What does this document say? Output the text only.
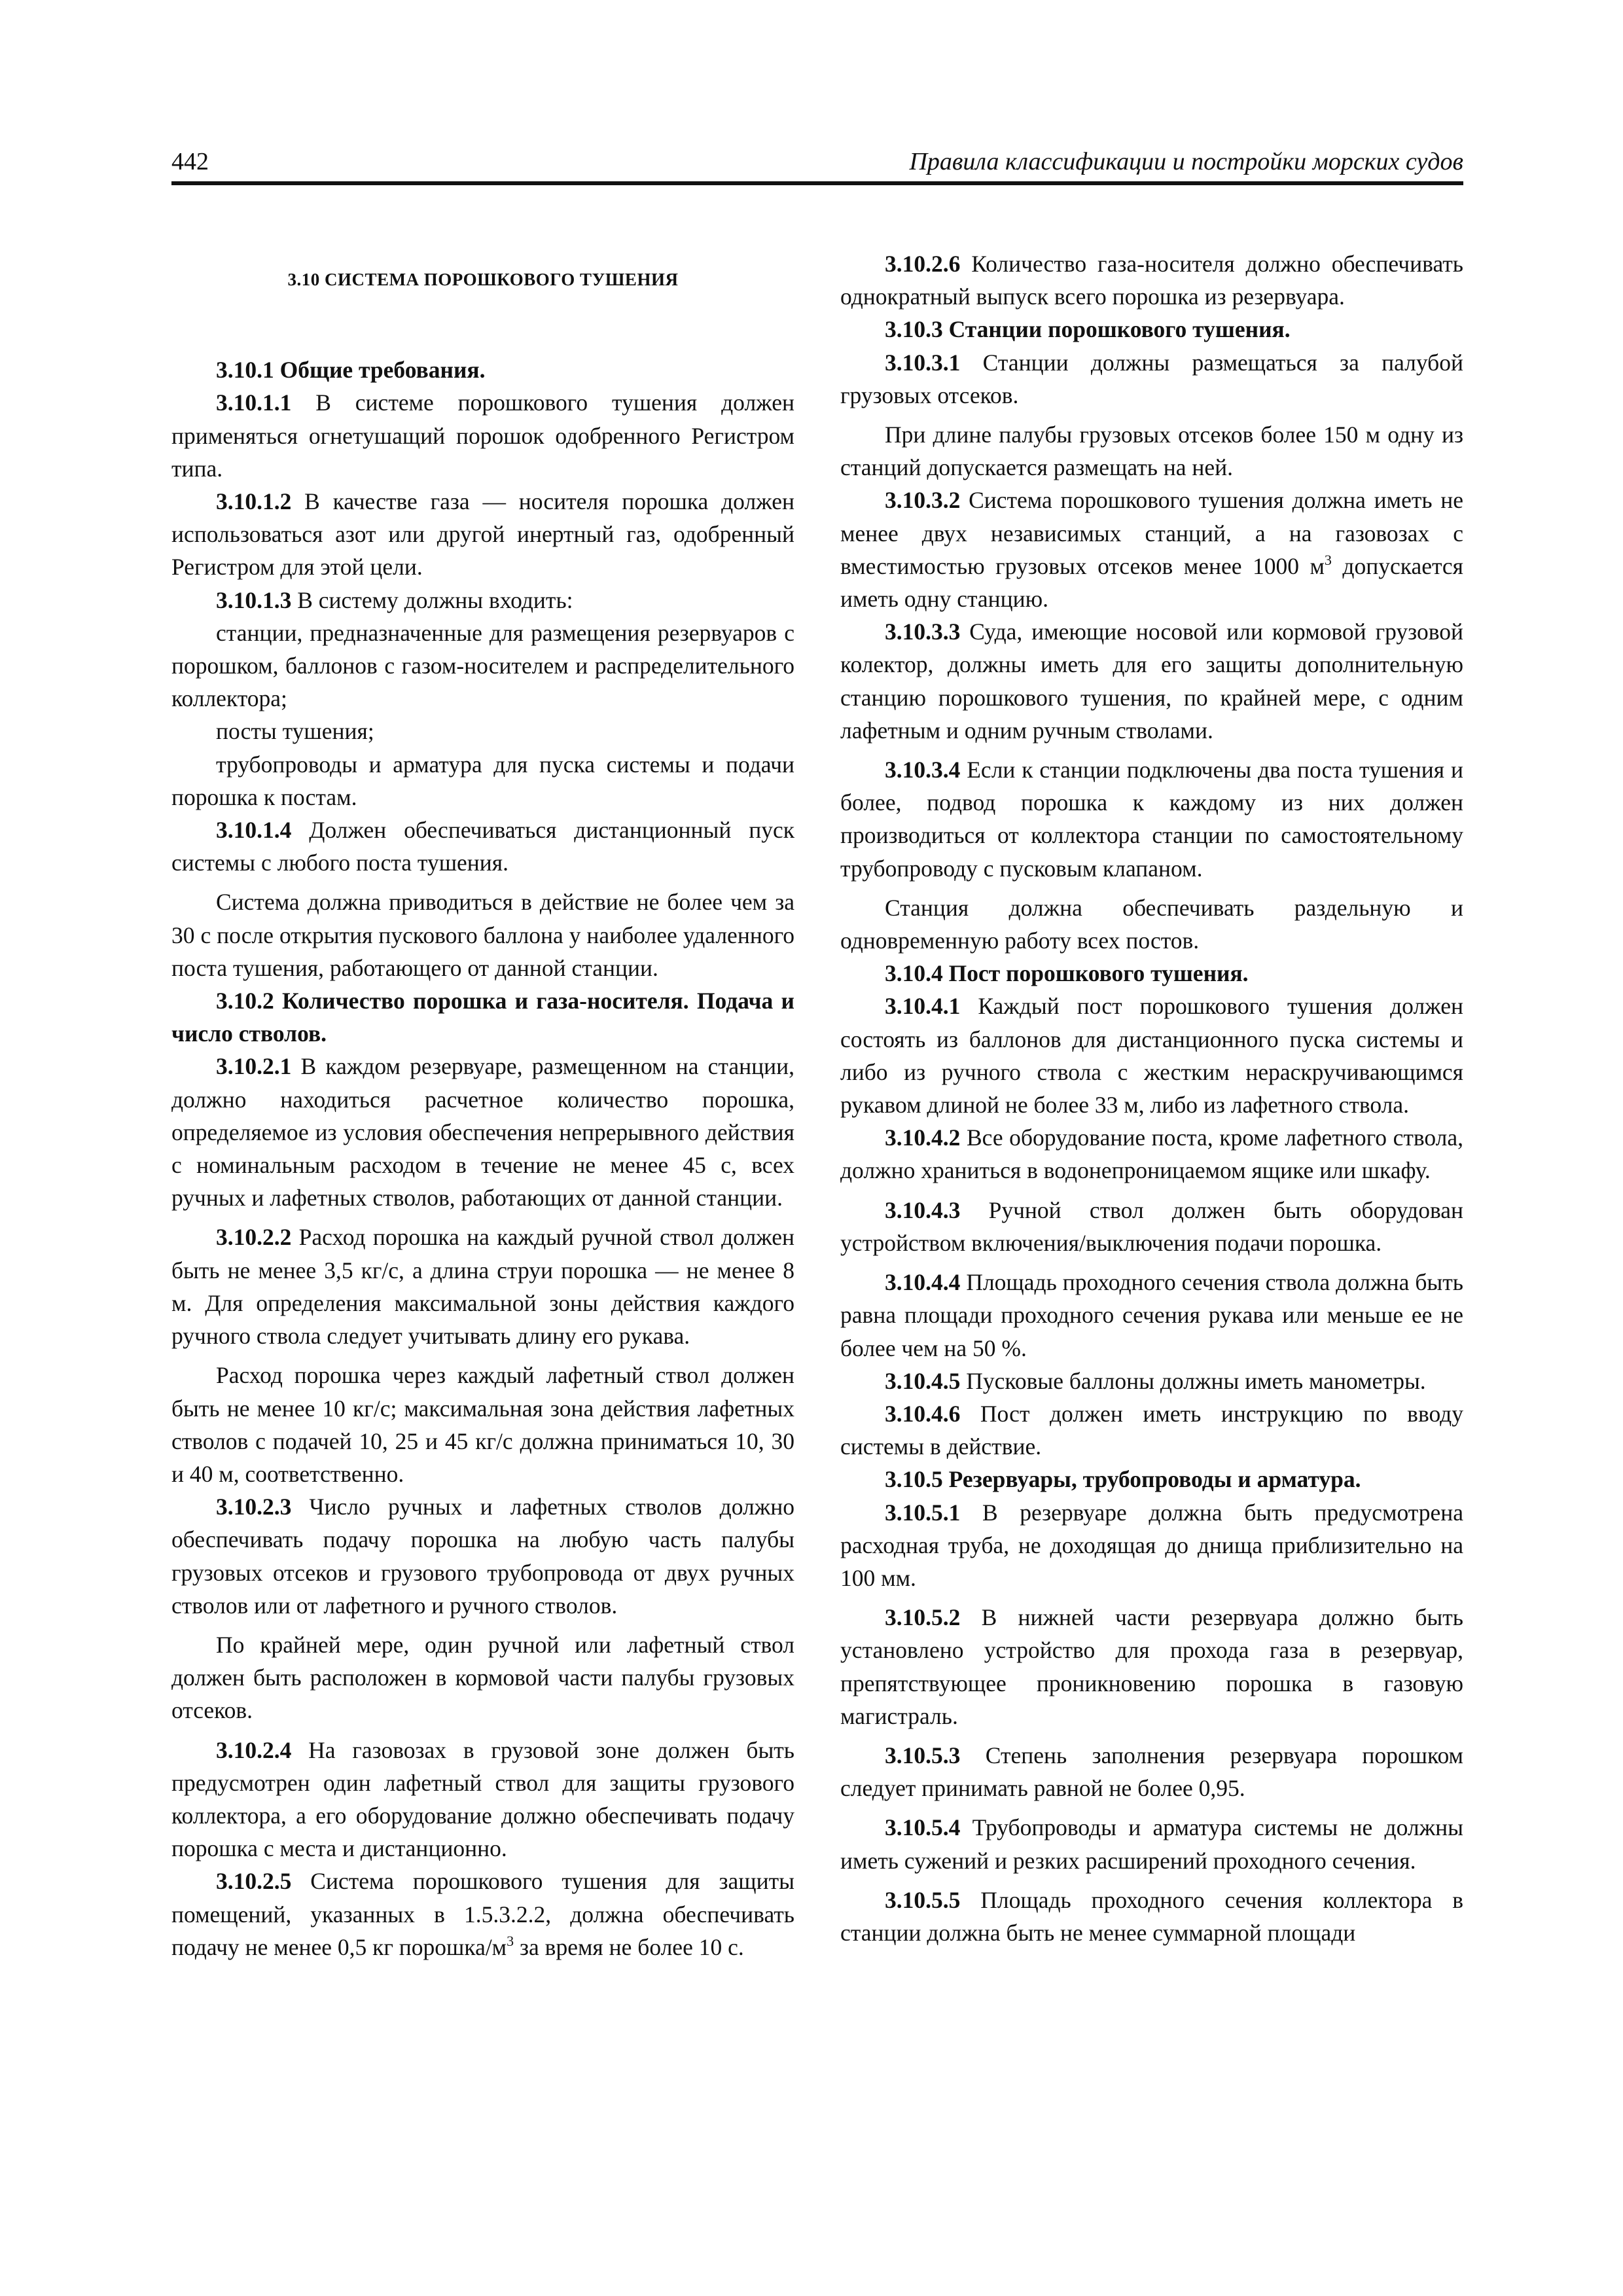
442	Правила классификации и постройки морских судов

3.10 СИСТЕМА ПОРОШКОВОГО ТУШЕНИЯ

3.10.1 Общие требования.

3.10.1.1 В системе порошкового тушения должен применяться огнетушащий порошок одобренного Регистром типа.

3.10.1.2 В качестве газа — носителя порошка должен использоваться азот или другой инертный газ, одобренный Регистром для этой цели.

3.10.1.3 В систему должны входить:

станции, предназначенные для размещения резервуаров с порошком, баллонов с газом-носителем и распределительного коллектора;

посты тушения;

трубопроводы и арматура для пуска системы и подачи порошка к постам.

3.10.1.4 Должен обеспечиваться дистанционный пуск системы с любого поста тушения.

Система должна приводиться в действие не более чем за 30 с после открытия пускового баллона у наиболее удаленного поста тушения, работающего от данной станции.

3.10.2 Количество порошка и газа-носителя. Подача и число стволов.

3.10.2.1 В каждом резервуаре, размещенном на станции, должно находиться расчетное количество порошка, определяемое из условия обеспечения непрерывного действия с номинальным расходом в течение не менее 45 с, всех ручных и лафетных стволов, работающих от данной станции.

3.10.2.2 Расход порошка на каждый ручной ствол должен быть не менее 3,5 кг/с, а длина струи порошка — не менее 8 м. Для определения максимальной зоны действия каждого ручного ствола следует учитывать длину его рукава.

Расход порошка через каждый лафетный ствол должен быть не менее 10 кг/с; максимальная зона действия лафетных стволов с подачей 10, 25 и 45 кг/с должна приниматься 10, 30 и 40 м, соответственно.

3.10.2.3 Число ручных и лафетных стволов должно обеспечивать подачу порошка на любую часть палубы грузовых отсеков и грузового трубопровода от двух ручных стволов или от лафетного и ручного стволов.

По крайней мере, один ручной или лафетный ствол должен быть расположен в кормовой части палубы грузовых отсеков.

3.10.2.4 На газовозах в грузовой зоне должен быть предусмотрен один лафетный ствол для защиты грузового коллектора, а его оборудование должно обеспечивать подачу порошка с места и дистанционно.

3.10.2.5 Система порошкового тушения для защиты помещений, указанных в 1.5.3.2.2, должна обеспечивать подачу не менее 0,5 кг порошка/$м^3$ за время не более 10 с.

3.10.2.6 Количество газа-носителя должно обеспечивать однократный выпуск всего порошка из резервуара.

3.10.3 Станции порошкового тушения.

3.10.3.1 Станции должны размещаться за палубой грузовых отсеков.

При длине палубы грузовых отсеков более 150 м одну из станций допускается размещать на ней.

3.10.3.2 Система порошкового тушения должна иметь не менее двух независимых станций, а на газовозах с вместимостью грузовых отсеков менее 1000 $м^3$ допускается иметь одну станцию.

3.10.3.3 Суда, имеющие носовой или кормовой грузовой колектор, должны иметь для его защиты дополнительную станцию порошкового тушения, по крайней мере, с одним лафетным и одним ручным стволами.

3.10.3.4 Если к станции подключены два поста тушения и более, подвод порошка к каждому из них должен производиться от коллектора станции по самостоятельному трубопроводу с пусковым клапаном.

Станция должна обеспечивать раздельную и одновременную работу всех постов.

3.10.4 Пост порошкового тушения.

3.10.4.1 Каждый пост порошкового тушения должен состоять из баллонов для дистанционного пуска системы и либо из ручного ствола с жестким нераскручивающимся рукавом длиной не более 33 м, либо из лафетного ствола.

3.10.4.2 Все оборудование поста, кроме лафетного ствола, должно храниться в водонепроницаемом ящике или шкафу.

3.10.4.3 Ручной ствол должен быть оборудован устройством включения/выключения подачи порошка.

3.10.4.4 Площадь проходного сечения ствола должна быть равна площади проходного сечения рукава или меньше ее не более чем на 50 %.

3.10.4.5 Пусковые баллоны должны иметь манометры.

3.10.4.6 Пост должен иметь инструкцию по вводу системы в действие.

3.10.5 Резервуары, трубопроводы и арматура.

3.10.5.1 В резервуаре должна быть предусмотрена расходная труба, не доходящая до днища приблизительно на 100 мм.

3.10.5.2 В нижней части резервуара должно быть установлено устройство для прохода газа в резервуар, препятствующее проникновению порошка в газовую магистраль.

3.10.5.3 Степень заполнения резервуара порошком следует принимать равной не более 0,95.

3.10.5.4 Трубопроводы и арматура системы не должны иметь сужений и резких расширений проходного сечения.

3.10.5.5 Площадь проходного сечения коллектора в станции должна быть не менее суммарной площади
